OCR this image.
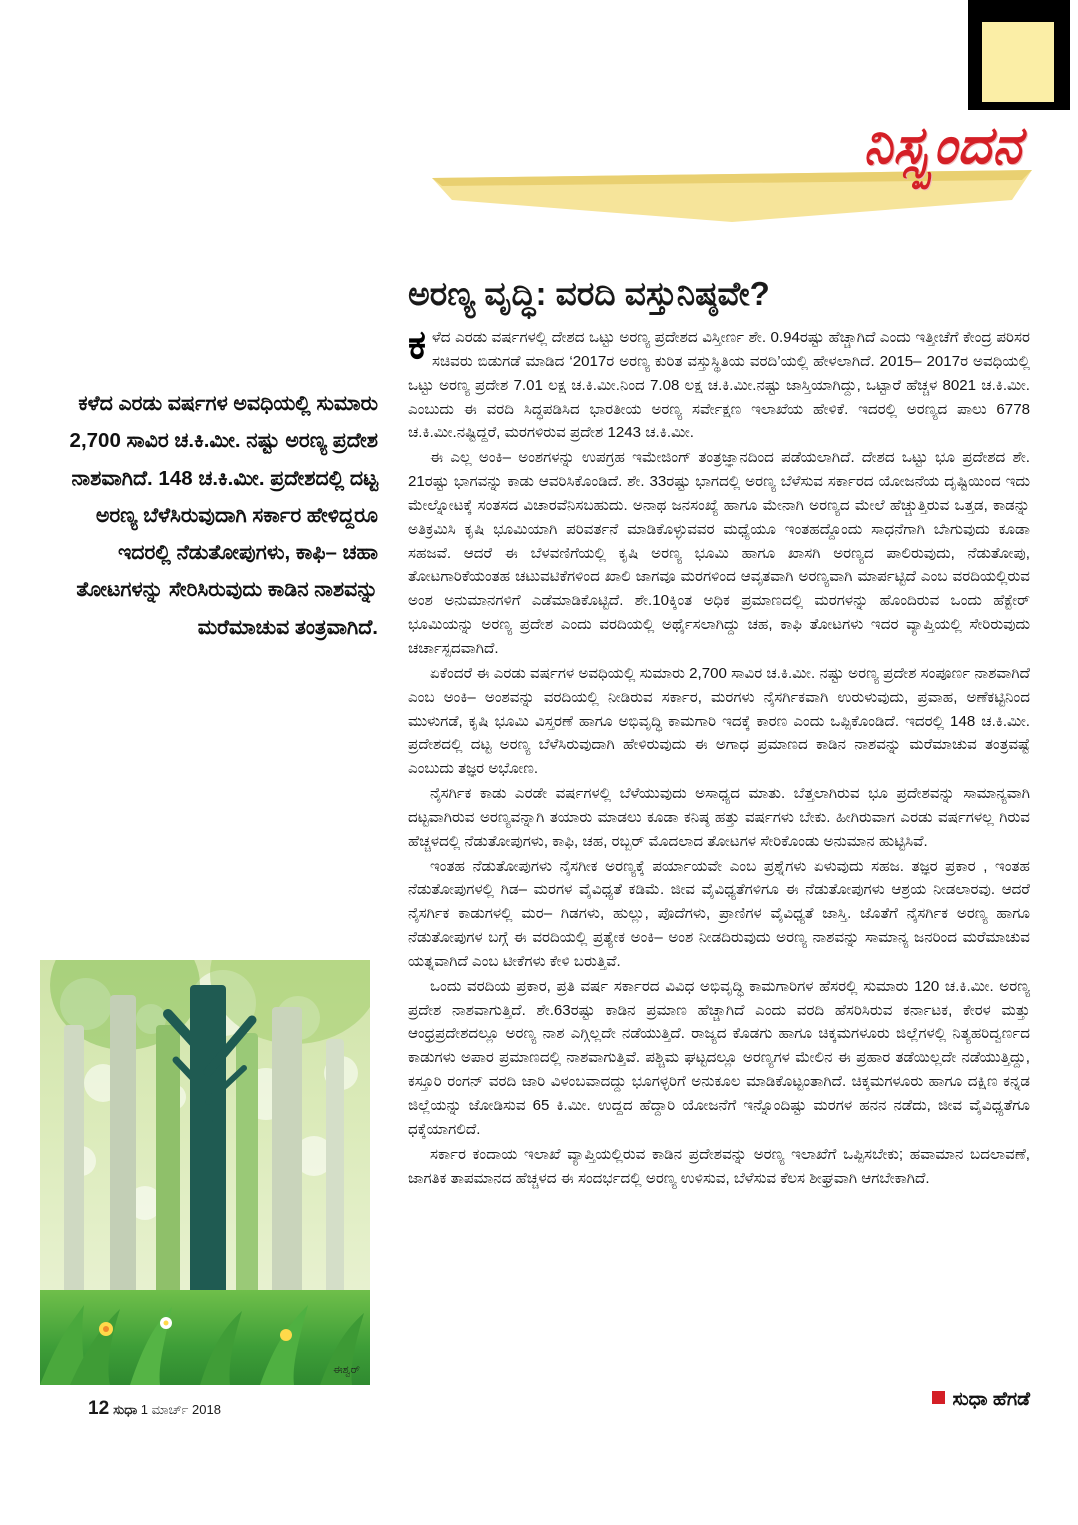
ನಿಸ್ಸ್ಪಂದನ
ಅರಣ್ಯ ವೃದ್ಧಿ: ವರದಿ ವಸ್ತುನಿಷ್ಠವೇ?
ಕಳೆದ ಎರಡು ವರ್ಷಗಳ ಅವಧಿಯಲ್ಲಿ ಸುಮಾರು 2,700 ಸಾವಿರ ಚ.ಕಿ.ಮೀ. ನಷ್ಟು ಅರಣ್ಯ ಪ್ರದೇಶ ನಾಶವಾಗಿದೆ. 148 ಚ.ಕಿ.ಮೀ. ಪ್ರದೇಶದಲ್ಲಿ ದಟ್ಟ ಅರಣ್ಯ ಬೆಳೆಸಿರುವುದಾಗಿ ಸರ್ಕಾರ ಹೇಳಿದ್ದರೂ ಇದರಲ್ಲಿ ನೆಡುತೋಪುಗಳು, ಕಾಫಿ– ಚಹಾ ತೋಟಗಳನ್ನು ಸೇರಿಸಿರುವುದು ಕಾಡಿನ ನಾಶವನ್ನು ಮರೆಮಾಚುವ ತಂತ್ರವಾಗಿದೆ.

ಕಳೆದ ಎರಡು ವರ್ಷಗಳಲ್ಲಿ ದೇಶದ ಒಟ್ಟು ಅರಣ್ಯ ಪ್ರದೇಶದ ವಿಸ್ತೀರ್ಣ ಶೇ. 0.94ರಷ್ಟು ಹೆಚ್ಚಾಗಿದೆ ಎಂದು ಇತ್ತೀಚೆಗೆ ಕೇಂದ್ರ ಪರಿಸರ ಸಚಿವರು ಬಿಡುಗಡೆ ಮಾಡಿದ ‘2017ರ ಅರಣ್ಯ ಕುರಿತ ವಸ್ತುಸ್ಥಿತಿಯ ವರದಿ’ಯಲ್ಲಿ ಹೇಳಲಾಗಿದೆ. 2015– 2017ರ ಅವಧಿಯಲ್ಲಿ ಒಟ್ಟು ಅರಣ್ಯ ಪ್ರದೇಶ 7.01 ಲಕ್ಷ ಚ.ಕಿ.ಮೀ.ನಿಂದ 7.08 ಲಕ್ಷ ಚ.ಕಿ.ಮೀ.ನಷ್ಟು ಜಾಸ್ತಿಯಾಗಿದ್ದು, ಒಟ್ಟಾರೆ ಹೆಚ್ಚಳ 8021 ಚ.ಕಿ.ಮೀ. ಎಂಬುದು ಈ ವರದಿ ಸಿದ್ಧಪಡಿಸಿದ ಭಾರತೀಯ ಅರಣ್ಯ ಸರ್ವೇಕ್ಷಣ ಇಲಾಖೆಯ ಹೇಳಿಕೆ. ಇದರಲ್ಲಿ ಅರಣ್ಯದ ಪಾಲು 6778 ಚ.ಕಿ.ಮೀ.ನಷ್ಟಿದ್ದರೆ, ಮರಗಳಿರುವ ಪ್ರದೇಶ 1243 ಚ.ಕಿ.ಮೀ.

ಈ ಎಲ್ಲ ಅಂಕಿ– ಅಂಶಗಳನ್ನು ಉಪಗ್ರಹ ಇಮೇಜಿಂಗ್ ತಂತ್ರಜ್ಞಾನದಿಂದ ಪಡೆಯಲಾಗಿದೆ. ದೇಶದ ಒಟ್ಟು ಭೂ ಪ್ರದೇಶದ ಶೇ. 21ರಷ್ಟು ಭಾಗವನ್ನು ಕಾಡು ಆವರಿಸಿಕೊಂಡಿದೆ. ಶೇ. 33ರಷ್ಟು ಭಾಗದಲ್ಲಿ ಅರಣ್ಯ ಬೆಳೆಸುವ ಸರ್ಕಾರದ ಯೋಜನೆಯ ದೃಷ್ಟಿಯಿಂದ ಇದು ಮೇಲ್ನೋಟಕ್ಕೆ ಸಂತಸದ ವಿಚಾರವೆನಿಸಬಹುದು. ಅನಾಥ ಜನಸಂಖ್ಯೆ ಹಾಗೂ ಮೇನಾಗಿ ಅರಣ್ಯದ ಮೇಲೆ ಹೆಚ್ಚುತ್ತಿರುವ ಒತ್ತಡ, ಕಾಡನ್ನು ಅತಿಕ್ರಮಿಸಿ ಕೃಷಿ ಭೂಮಿಯಾಗಿ ಪರಿವರ್ತನೆ ಮಾಡಿಕೊಳ್ಳುವವರ ಮಧ್ಯೆಯೂ ಇಂತಹದ್ದೊಂದು ಸಾಧನೆಗಾಗಿ ಬೆಾಗುವುದು ಕೂಡಾ ಸಹಜವೆ. ಆದರೆ ಈ ಬೆಳವಣಿಗೆಯಲ್ಲಿ ಕೃಷಿ ಅರಣ್ಯ ಭೂಮಿ ಹಾಗೂ ಖಾಸಗಿ ಅರಣ್ಯದ ಪಾಲಿರುವುದು, ನೆಡುತೋಪು, ತೋಟಗಾರಿಕೆಯಂತಹ ಚಟುವಟಿಕೆಗಳಿಂದ ಖಾಲಿ ಜಾಗವೂ ಮರಗಳಿಂದ ಆವೃತವಾಗಿ ಅರಣ್ಯವಾಗಿ ಮಾರ್ಪಟ್ಟಿದೆ ಎಂಬ ವರದಿಯಲ್ಲಿರುವ ಅಂಶ ಅನುಮಾನಗಳಿಗೆ ಎಡೆಮಾಡಿಕೊಟ್ಟಿದೆ. ಶೇ.10ಕ್ಕಿಂತ ಅಧಿಕ ಪ್ರಮಾಣದಲ್ಲಿ ಮರಗಳನ್ನು ಹೊಂದಿರುವ ಒಂದು ಹೆಕ್ಟೇರ್ ಭೂಮಿಯನ್ನು ಅರಣ್ಯ ಪ್ರದೇಶ ಎಂದು ವರದಿಯಲ್ಲಿ ಅರ್ಥೈಸಲಾಗಿದ್ದು ಚಹ, ಕಾಫಿ ತೋಟಗಳು ಇದರ ವ್ಯಾಪ್ತಿಯಲ್ಲಿ ಸೇರಿರುವುದು ಚರ್ಚಾಸ್ಪದವಾಗಿದೆ.

ಏಕೆಂದರೆ ಈ ಎರಡು ವರ್ಷಗಳ ಅವಧಿಯಲ್ಲಿ ಸುಮಾರು 2,700 ಸಾವಿರ ಚ.ಕಿ.ಮೀ. ನಷ್ಟು ಅರಣ್ಯ ಪ್ರದೇಶ ಸಂಪೂರ್ಣ ನಾಶವಾಗಿದೆ ಎಂಬ ಅಂಕಿ– ಅಂಶವನ್ನು ವರದಿಯಲ್ಲಿ ನೀಡಿರುವ ಸರ್ಕಾರ, ಮರಗಳು ನೈಸರ್ಗಿಕವಾಗಿ ಉರುಳುವುದು, ಪ್ರವಾಹ, ಅಣೆಕಟ್ಟಿನಿಂದ ಮುಳುಗಡೆ, ಕೃಷಿ ಭೂಮಿ ವಿಸ್ತರಣೆ ಹಾಗೂ ಅಭಿವೃದ್ಧಿ ಕಾಮಗಾರಿ ಇದಕ್ಕೆ ಕಾರಣ ಎಂದು ಒಪ್ಪಿಕೊಂಡಿದೆ. ಇದರಲ್ಲಿ 148 ಚ.ಕಿ.ಮೀ. ಪ್ರದೇಶದಲ್ಲಿ ದಟ್ಟ ಅರಣ್ಯ ಬೆಳೆಸಿರುವುದಾಗಿ ಹೇಳಿರುವುದು ಈ ಅಗಾಧ ಪ್ರಮಾಣದ ಕಾಡಿನ ನಾಶವನ್ನು ಮರೆಮಾಚುವ ತಂತ್ರವಷ್ಟೆ ಎಂಬುದು ತಜ್ಞರ ಅಭೋಣ.

ನೈಸರ್ಗಿಕ ಕಾಡು ಎರಡೇ ವರ್ಷಗಳಲ್ಲಿ ಬೆಳೆಯುವುದು ಅಸಾಧ್ಯದ ಮಾತು. ಬೆತ್ತಲಾಗಿರುವ ಭೂ ಪ್ರದೇಶವನ್ನು ಸಾಮಾನ್ಯವಾಗಿ ದಟ್ಟವಾಗಿರುವ ಅರಣ್ಯವನ್ನಾಗಿ ತಯಾರು ಮಾಡಲು ಕೂಡಾ ಕನಿಷ್ಠ ಹತ್ತು ವರ್ಷಗಳು ಬೇಕು. ಹೀಗಿರುವಾಗ ಎರಡು ವರ್ಷಗಳಲ್ಲ ಗಿರುವ ಹೆಚ್ಚಳದಲ್ಲಿ ನೆಡುತೋಪುಗಳು, ಕಾಫಿ, ಚಹ, ರಬ್ಬರ್ ಮೊದಲಾದ ತೋಟಗಳ ಸೇರಿಕೊಂಡು ಅನುಮಾನ ಹುಟ್ಟಿಸಿವೆ.

ಇಂತಹ ನೆಡುತೋಪುಗಳು ನೈಸಗೀಕ ಅರಣ್ಯಕ್ಕೆ ಪರ್ಯಾಯವೇ ಎಂಬ ಪ್ರಶ್ನೆಗಳು ಏಳುವುದು ಸಹಜ. ತಜ್ಞರ ಪ್ರಕಾರ , ಇಂತಹ ನೆಡುತೋಪುಗಳಲ್ಲಿ ಗಿಡ– ಮರಗಳ ವೈವಿಧ್ಯತೆ ಕಡಿಮೆ. ಜೀವ ವೈವಿಧ್ಯತೆಗಳಿಗೂ ಈ ನೆಡುತೋಪುಗಳು ಆಶ್ರಯ ನೀಡಲಾರವು. ಆದರೆ ನೈಸರ್ಗಿಕ ಕಾಡುಗಳಲ್ಲಿ ಮರ– ಗಿಡಗಳು, ಹುಲ್ಲು, ಪೊದೆಗಳು, ಪ್ರಾಣಿಗಳ ವೈವಿಧ್ಯತೆ ಜಾಸ್ತಿ. ಜೊತೆಗೆ ನೈಸರ್ಗಿಕ ಅರಣ್ಯ ಹಾಗೂ ನೆಡುತೋಪುಗಳ ಬಗ್ಗೆ ಈ ವರದಿಯಲ್ಲಿ ಪ್ರತ್ಯೇಕ ಅಂಕಿ– ಅಂಶ ನೀಡದಿರುವುದು ಅರಣ್ಯ ನಾಶವನ್ನು ಸಾಮಾನ್ಯ ಜನರಿಂದ ಮರೆಮಾಚುವ ಯತ್ನವಾಗಿದೆ ಎಂಬ ಟೀಕೆಗಳು ಕೇಳಿ ಬರುತ್ತಿವೆ.

ಒಂದು ವರದಿಯ ಪ್ರಕಾರ, ಪ್ರತಿ ವರ್ಷ ಸರ್ಕಾರದ ವಿವಿಧ ಅಭಿವೃದ್ಧಿ ಕಾಮಗಾರಿಗಳ ಹೆಸರಲ್ಲಿ ಸುಮಾರು 120 ಚ.ಕಿ.ಮೀ. ಅರಣ್ಯ ಪ್ರದೇಶ ನಾಶವಾಗುತ್ತಿದೆ. ಶೇ.63ರಷ್ಟು ಕಾಡಿನ ಪ್ರಮಾಣ ಹೆಚ್ಚಾಗಿದೆ ಎಂದು ವರದಿ ಹೆಸರಿಸಿರುವ ಕರ್ನಾಟಕ, ಕೇರಳ ಮತ್ತು ಆಂಧ್ರಪ್ರದೇಶದಲ್ಲೂ ಅರಣ್ಯ ನಾಶ ಎಗ್ಗಿಲ್ಲದೇ ನಡೆಯುತ್ತಿದೆ. ರಾಜ್ಯದ ಕೊಡಗು ಹಾಗೂ ಚಿಕ್ಕಮಗಳೂರು ಜಿಲ್ಲೆಗಳಲ್ಲಿ ನಿತ್ಯಹರಿದ್ವರ್ಣದ ಕಾಡುಗಳು ಅಪಾರ ಪ್ರಮಾಣದಲ್ಲಿ ನಾಶವಾಗುತ್ತಿವೆ. ಪಶ್ಚಿಮ ಘಟ್ಟದಲ್ಲೂ ಅರಣ್ಯಗಳ ಮೇಲಿನ ಈ ಪ್ರಹಾರ ತಡೆಯಿಲ್ಲದೇ ನಡೆಯುತ್ತಿದ್ದು, ಕಸ್ತೂರಿ ರಂಗನ್ ವರದಿ ಜಾರಿ ವಿಳಂಬವಾದದ್ದು ಭೂಗಳ್ಳರಿಗೆ ಅನುಕೂಲ ಮಾಡಿಕೊಟ್ಟಂತಾಗಿದೆ. ಚಿಕ್ಕಮಗಳೂರು ಹಾಗೂ ದಕ್ಷಿಣ ಕನ್ನಡ ಜಿಲ್ಲೆಯನ್ನು ಜೋಡಿಸುವ 65 ಕಿ.ಮೀ. ಉದ್ದದ ಹೆದ್ದಾರಿ ಯೋಜನೆಗೆ ಇನ್ನೊಂದಿಷ್ಟು ಮರಗಳ ಹನನ ನಡೆದು, ಜೀವ ವೈವಿಧ್ಯತೆಗೂ ಧಕ್ಕೆಯಾಗಲಿದೆ.

ಸರ್ಕಾರ ಕಂದಾಯ ಇಲಾಖೆ ವ್ಯಾಪ್ತಿಯಲ್ಲಿರುವ ಕಾಡಿನ ಪ್ರದೇಶವನ್ನು ಅರಣ್ಯ ಇಲಾಖೆಗೆ ಒಪ್ಪಿಸಬೇಕು; ಹವಾಮಾನ ಬದಲಾವಣೆ, ಜಾಗತಿಕ ತಾಪಮಾನದ ಹೆಚ್ಚಳದ ಈ ಸಂದರ್ಭದಲ್ಲಿ ಅರಣ್ಯ ಉಳಿಸುವ, ಬೆಳೆಸುವ ಕೆಲಸ ಶೀಘ್ರವಾಗಿ ಆಗಬೇಕಾಗಿದೆ.

ಸುಧಾ ಹೆಗಡೆ
ಈಶ್ವರ್
12 ಸುಧಾ 1 ಮಾರ್ಚ್ 2018
